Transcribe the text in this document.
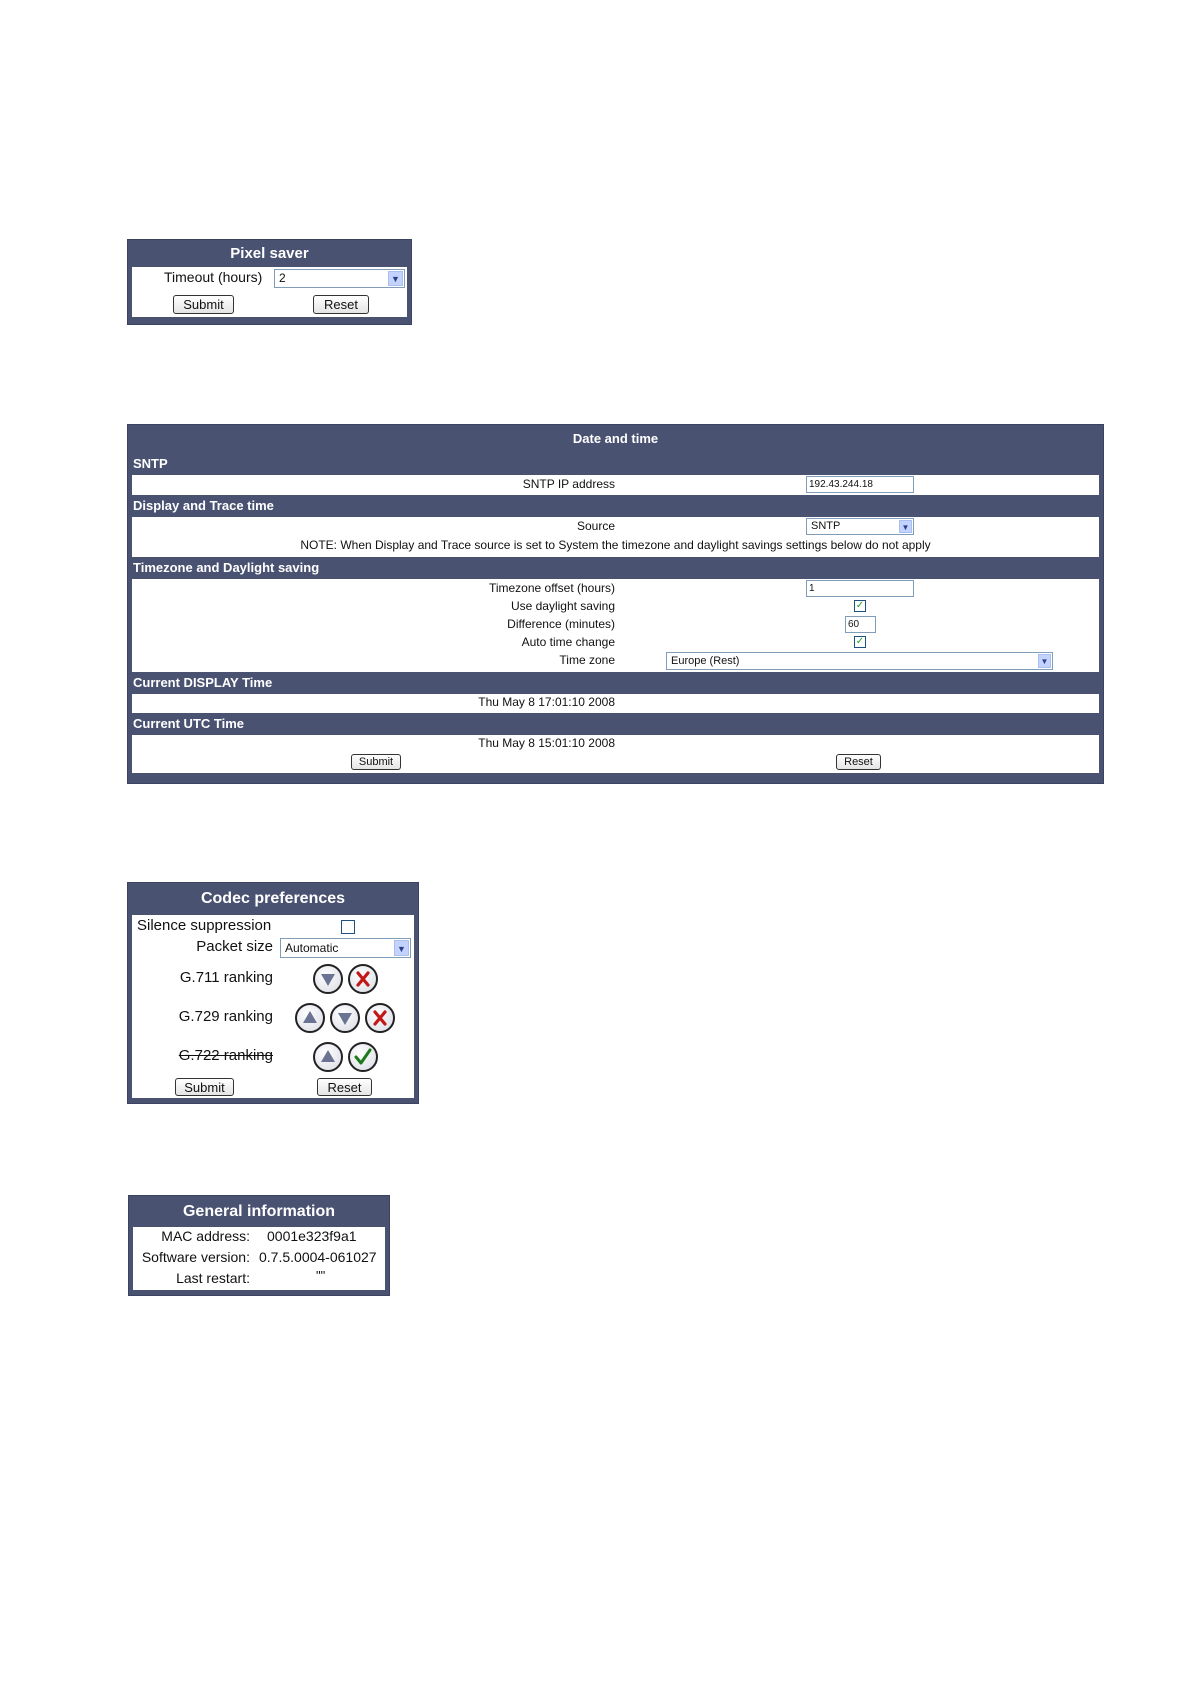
Pixel saver
Timeout (hours) 2	▼
Submit	Reset
Date and time
SNTP
SNTP IP address	192.43.244.18
Display and Trace time
Source	SNTP	▼
NOTE: When Display and Trace source is set to System the timezone and daylight savings settings below do not apply
Timezone and Daylight saving
Timezone offset (hours)	1
Use daylight saving	✓
Difference (minutes)	60
Auto time change	✓
Time zone	Europe (Rest)	▼
Current DISPLAY Time
Thu May 8 17:01:10 2008
Current UTC Time
Thu May 8 15:01:10 2008
Submit	Reset
Codec preferences
Silence suppression
Packet size Automatic	▼
G.711 ranking
G.729 ranking
G.722 ranking
Submit	Reset
General information
MAC address: 0001e323f9a1
Software version: 0.7.5.0004-061027
Last restart:	""
